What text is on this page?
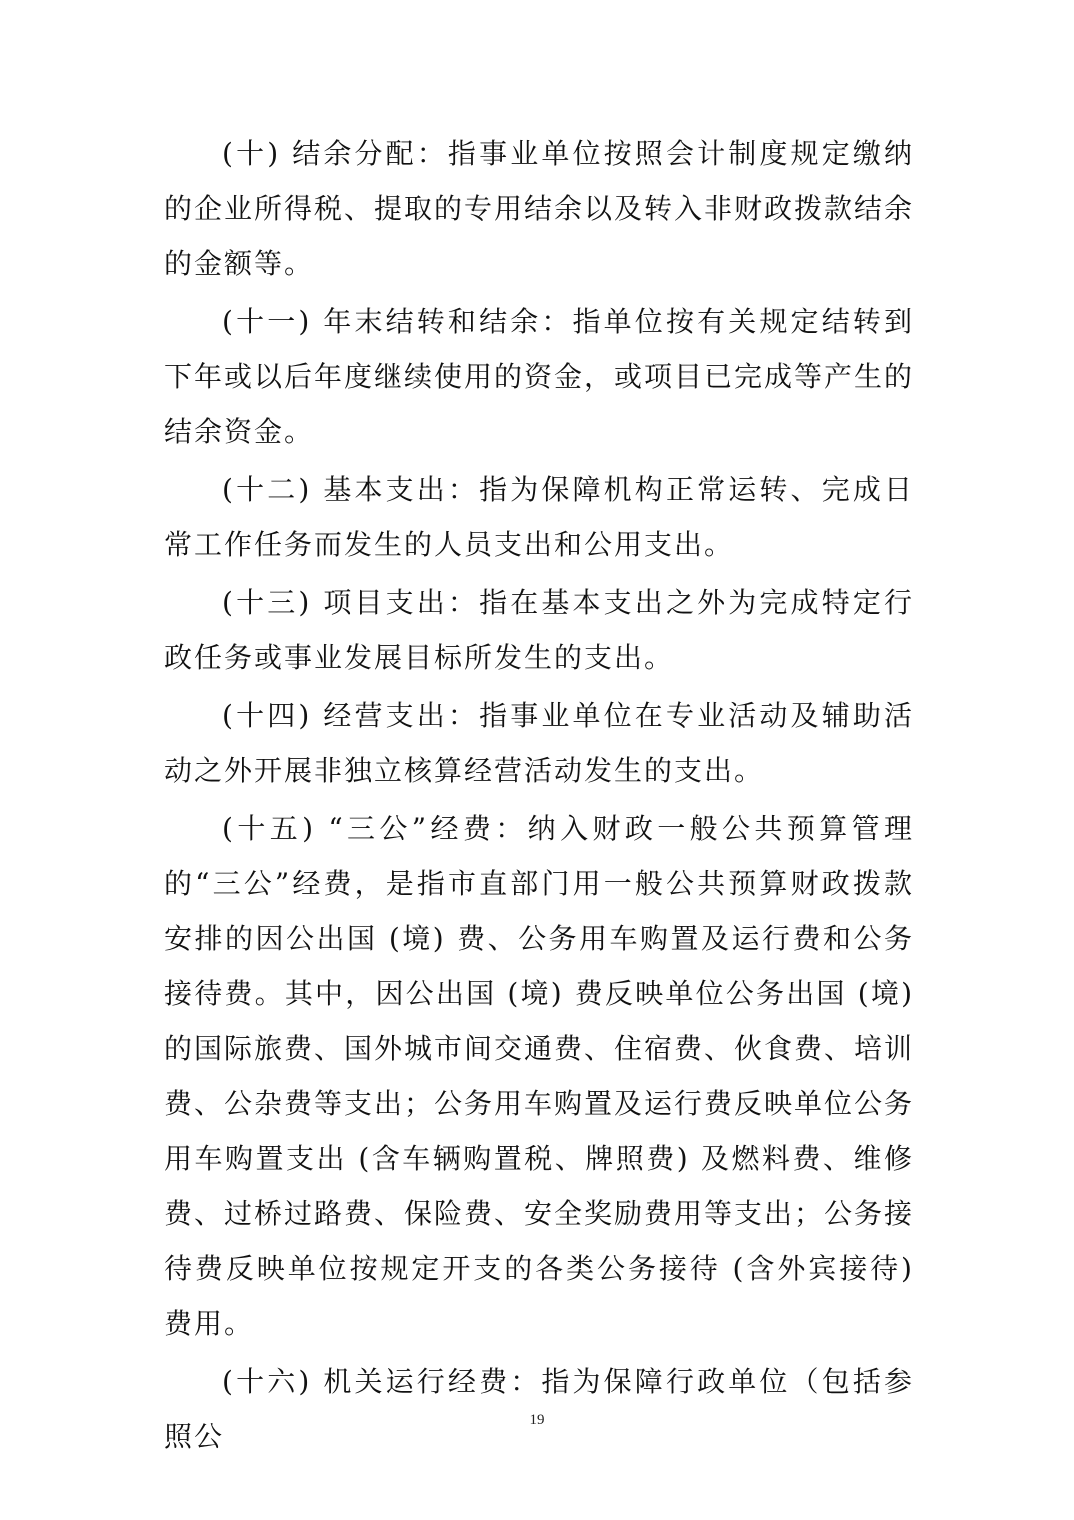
(十) 结余分配：指事业单位按照会计制度规定缴纳的企业所得税、提取的专用结余以及转入非财政拨款结余的金额等。

(十一) 年末结转和结余：指单位按有关规定结转到下年或以后年度继续使用的资金，或项目已完成等产生的结余资金。

(十二) 基本支出：指为保障机构正常运转、完成日常工作任务而发生的人员支出和公用支出。

(十三) 项目支出：指在基本支出之外为完成特定行政任务或事业发展目标所发生的支出。

(十四) 经营支出：指事业单位在专业活动及辅助活动之外开展非独立核算经营活动发生的支出。

(十五) “三公”经费：纳入财政一般公共预算管理的“三公”经费，是指市直部门用一般公共预算财政拨款安排的因公出国 (境) 费、公务用车购置及运行费和公务接待费。其中，因公出国 (境) 费反映单位公务出国 (境) 的国际旅费、国外城市间交通费、住宿费、伙食费、培训费、公杂费等支出；公务用车购置及运行费反映单位公务用车购置支出 (含车辆购置税、牌照费) 及燃料费、维修费、过桥过路费、保险费、安全奖励费用等支出；公务接待费反映单位按规定开支的各类公务接待 (含外宾接待) 费用。

(十六) 机关运行经费：指为保障行政单位（包括参照公	19
